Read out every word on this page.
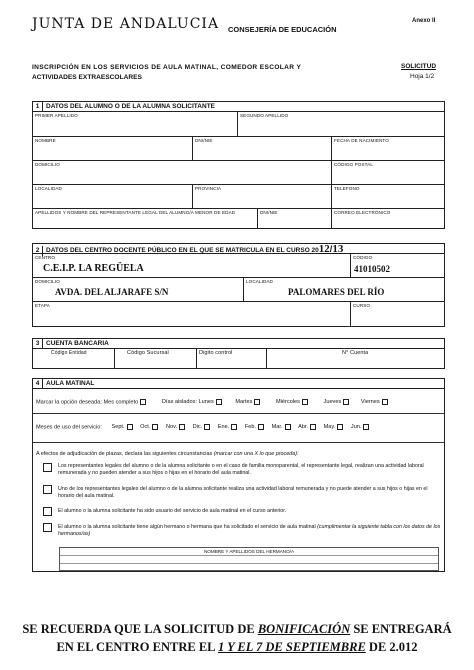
JUNTA DE ANDALUCIA CONSEJERÍA DE EDUCACIÓN
Anexo II
INSCRIPCIÓN EN LOS SERVICIOS DE AULA MATINAL, COMEDOR ESCOLAR Y
ACTIVIDADES EXTRAESCOLARES
SOLICITUD
Hoja 1/2
1 DATOS DEL ALUMNO O DE LA ALUMNA SOLICITANTE
PRIMER APELLIDO	SEGUNDO APELLIDO
NOMBRE	DNI/NIE	FECHA DE NACIMIENTO
DOMICILIO	CÓDIGO POSTAL
LOCALIDAD	PROVINCIA	TELEFONO
APELLIDOS Y NOMBRE DEL REPRESENTANTE LEGAL DEL ALUMNO/A MENOR DE EDAD	DNI/NIE	CORREO ELECTRÓNICO
2 DATOS DEL CENTRO DOCENTE PÚBLICO EN EL QUE SE MATRICULA EN EL CURSO 2012/13
CENTRO
C.E.I.P. LA REGÜELA
CÓDIGO
41010502
DOMICILIO
AVDA. DEL ALJARAFE S/N
LOCALIDAD
PALOMARES DEL RÍO
ETAPA	CURSO
3 CUENTA BANCARIA
Código Entidad	Código Sucursal	Digito control	N° Cuenta
4 AULA MATINAL
Marcar la opción deseada: Mes completo	Días aislados: Lunes	Martes	Miércoles	Jueves	Viernes
Meses de uso del servicio: Sept.	Oct.	Nov.	Dic.	Ene.	Feb.	Mar.	Abr.	May.	Jun.
A efectos de adjudicación de plazas, declara las siguientes circunstancias (marcar con una X lo que proceda):
Los representantes legales del alumno o de la alumna solicitante o en el caso de familia monoparental, el representante legal, realizan una actividad laboral remunerada y no pueden atender a sus hijos o hijas en el horario del aula matinal.
Uno de los representantes legales del alumno o de la alumna solicitante realiza una actividad laboral remunerada y no puede atender a sus hijos o hijas en el horario del aula matinal.
El alumno o la alumna solicitante ha sido usuario del servicio de aula matinal en el curso anterior.
El alumno o la alumna solicitante tiene algún hermano o hermana que ha solicitado el servicio de aula matinal (cumplimentar la siguiente tabla con los datos de los hermanos/as)
NOMBRE Y APELLIDOS DEL HERMANO/A
SE RECUERDA QUE LA SOLICITUD DE BONIFICACIÓN SE ENTREGARÁ
EN EL CENTRO ENTRE EL 1 Y EL 7 DE SEPTIEMBRE DE 2.012
